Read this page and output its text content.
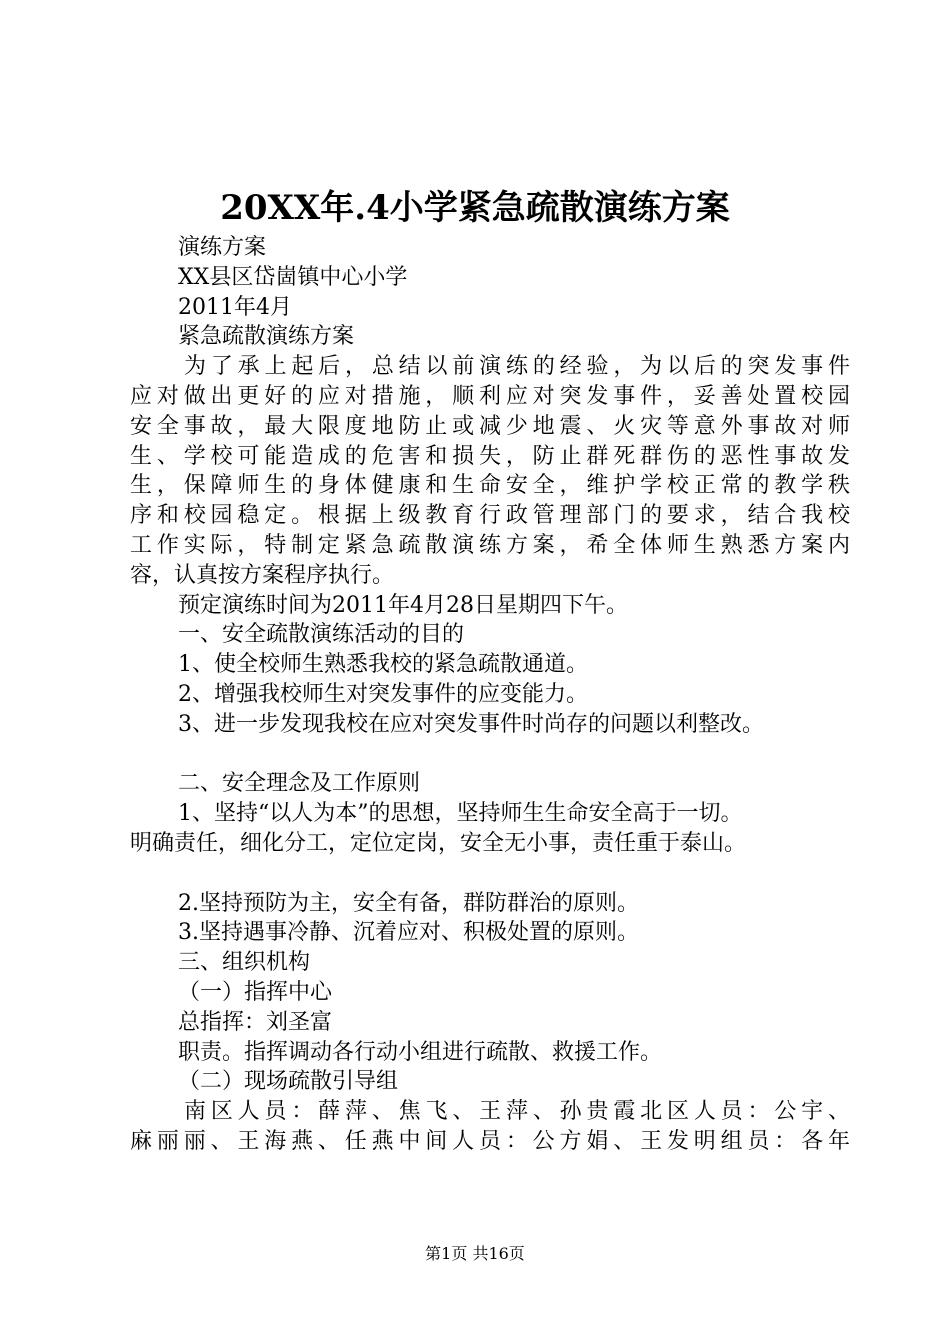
20XX年.4小学紧急疏散演练方案
演练方案
XX县区岱崮镇中心小学
2011年4月
紧急疏散演练方案
为了承上起后，总结以前演练的经验，为以后的突发事件
应对做出更好的应对措施，顺利应对突发事件，妥善处置校园
安全事故，最大限度地防止或减少地震、火灾等意外事故对师
生、学校可能造成的危害和损失，防止群死群伤的恶性事故发
生，保障师生的身体健康和生命安全，维护学校正常的教学秩
序和校园稳定。根据上级教育行政管理部门的要求，结合我校
工作实际，特制定紧急疏散演练方案，希全体师生熟悉方案内
容，认真按方案程序执行。
预定演练时间为2011年4月28日星期四下午。
一、安全疏散演练活动的目的
1、使全校师生熟悉我校的紧急疏散通道。
2、增强我校师生对突发事件的应变能力。
3、进一步发现我校在应对突发事件时尚存的问题以利整改。
二、安全理念及工作原则
1、坚持“以人为本”的思想，坚持师生生命安全高于一切。
明确责任，细化分工，定位定岗，安全无小事，责任重于泰山。
2.坚持预防为主，安全有备，群防群治的原则。
3.坚持遇事冷静、沉着应对、积极处置的原则。
三、组织机构
（一）指挥中心
总指挥：刘圣富
职责。指挥调动各行动小组进行疏散、救援工作。
（二）现场疏散引导组
南区人员：薛萍、焦飞、王萍、孙贵霞北区人员：公宇、
麻丽丽、王海燕、任燕中间人员：公方娟、王发明组员：各年
第1页 共16页
